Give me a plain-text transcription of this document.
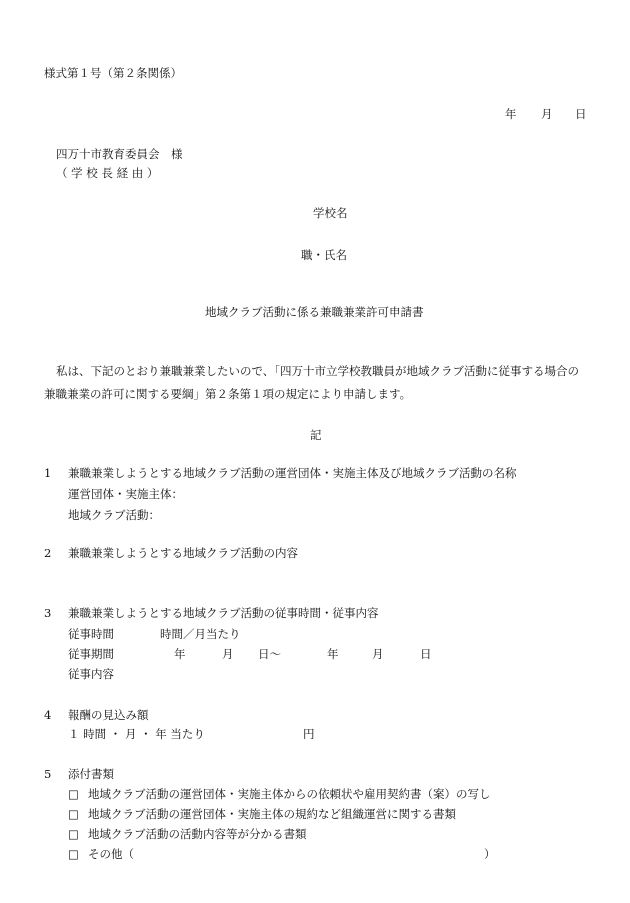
様式第１号（第２条関係）
年 月 日
四万十市教育委員会　様
（ 学 校 長 経 由 ）
学校名
職・氏名
地域クラブ活動に係る兼職兼業許可申請書
私は、下記のとおり兼職兼業したいので、「四万十市立学校教職員が地域クラブ活動に従事する場合の兼職兼業の許可に関する要綱」第２条第１項の規定により申請します。
記
1 兼職兼業しようとする地域クラブ活動の運営団体・実施主体及び地域クラブ活動の名称
運営団体・実施主体：
地域クラブ活動：
2 兼職兼業しようとする地域クラブ活動の内容
3 兼職兼業しようとする地域クラブ活動の従事時間・従事内容
従事時間	時間／月当たり
従事期間	年	月 日～	年	月	日
従事内容
4 報酬の見込み額
１ 時間 ・ 月 ・ 年 当たり	円
5 添付書類
□ 地域クラブ活動の運営団体・実施主体からの依頼状や雇用契約書（案）の写し
□ 地域クラブ活動の運営団体・実施主体の規約など組織運営に関する書類
□ 地域クラブ活動の活動内容等が分かる書類
□ その他（	）
